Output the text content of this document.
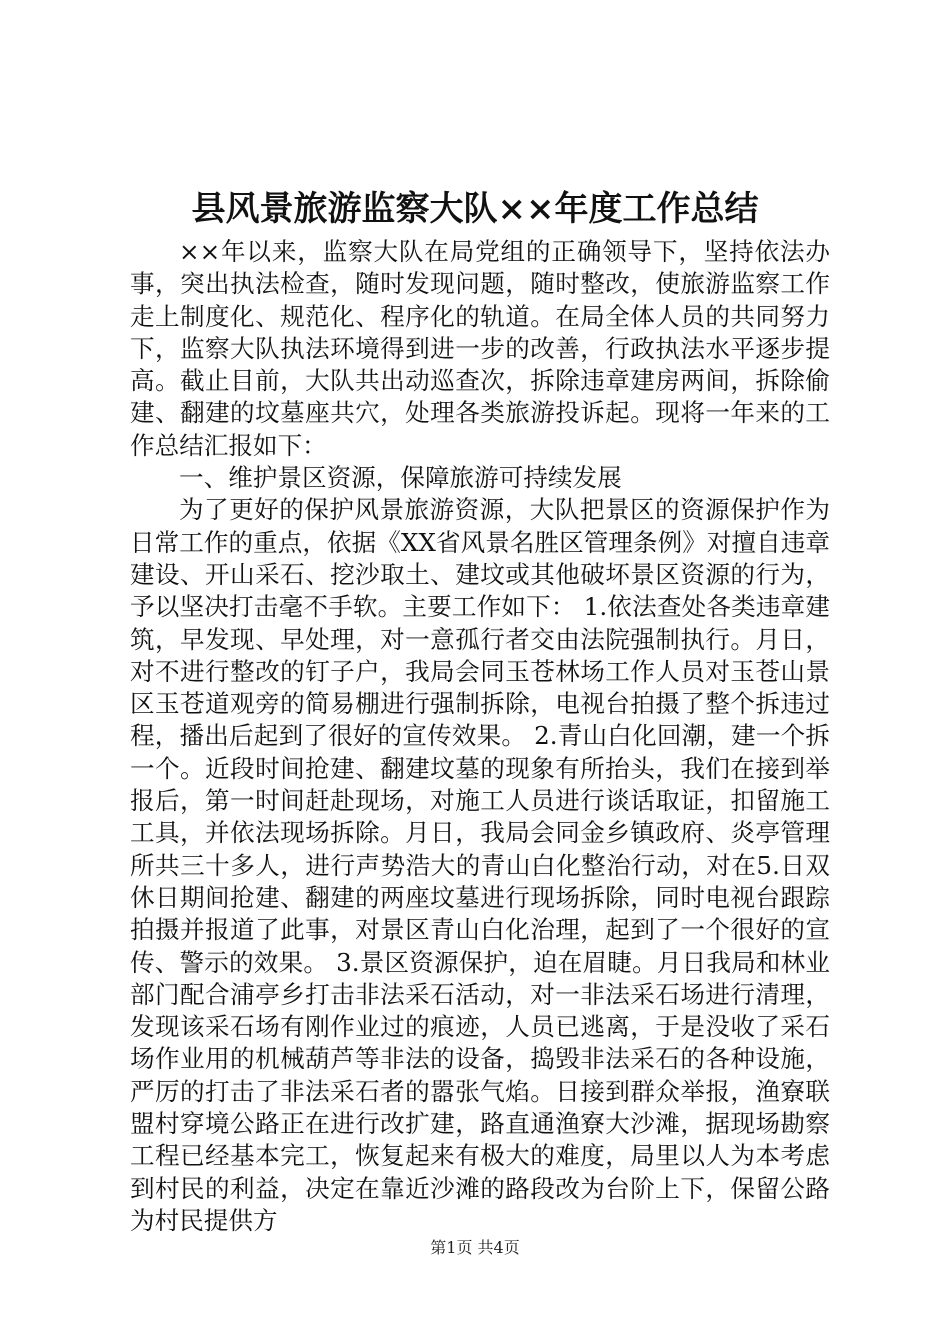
县风景旅游监察大队××年度工作总结

××年以来，监察大队在局党组的正确领导下，坚持依法办事，突出执法检查，随时发现问题，随时整改，使旅游监察工作走上制度化、规范化、程序化的轨道。在局全体人员的共同努力下，监察大队执法环境得到进一步的改善，行政执法水平逐步提高。截止目前，大队共出动巡查次，拆除违章建房两间，拆除偷建、翻建的坟墓座共穴，处理各类旅游投诉起。现将一年来的工作总结汇报如下：

一、维护景区资源，保障旅游可持续发展

为了更好的保护风景旅游资源，大队把景区的资源保护作为日常工作的重点，依据《XX省风景名胜区管理条例》对擅自违章建设、开山采石、挖沙取土、建坟或其他破坏景区资源的行为，予以坚决打击毫不手软。主要工作如下： 1.依法查处各类违章建筑，早发现、早处理，对一意孤行者交由法院强制执行。月日，对不进行整改的钉子户，我局会同玉苍林场工作人员对玉苍山景区玉苍道观旁的简易棚进行强制拆除，电视台拍摄了整个拆违过程，播出后起到了很好的宣传效果。 2.青山白化回潮，建一个拆一个。近段时间抢建、翻建坟墓的现象有所抬头，我们在接到举报后，第一时间赶赴现场，对施工人员进行谈话取证，扣留施工工具，并依法现场拆除。月日，我局会同金乡镇政府、炎亭管理所共三十多人，进行声势浩大的青山白化整治行动，对在5.日双休日期间抢建、翻建的两座坟墓进行现场拆除，同时电视台跟踪拍摄并报道了此事，对景区青山白化治理，起到了一个很好的宣传、警示的效果。 3.景区资源保护，迫在眉睫。月日我局和林业部门配合浦亭乡打击非法采石活动，对一非法采石场进行清理，发现该采石场有刚作业过的痕迹，人员已逃离，于是没收了采石场作业用的机械葫芦等非法的设备，捣毁非法采石的各种设施，严厉的打击了非法采石者的嚣张气焰。日接到群众举报，渔寮联盟村穿境公路正在进行改扩建，路直通渔寮大沙滩，据现场勘察工程已经基本完工，恢复起来有极大的难度，局里以人为本考虑到村民的利益，决定在靠近沙滩的路段改为台阶上下，保留公路为村民提供方

第1页 共4页
